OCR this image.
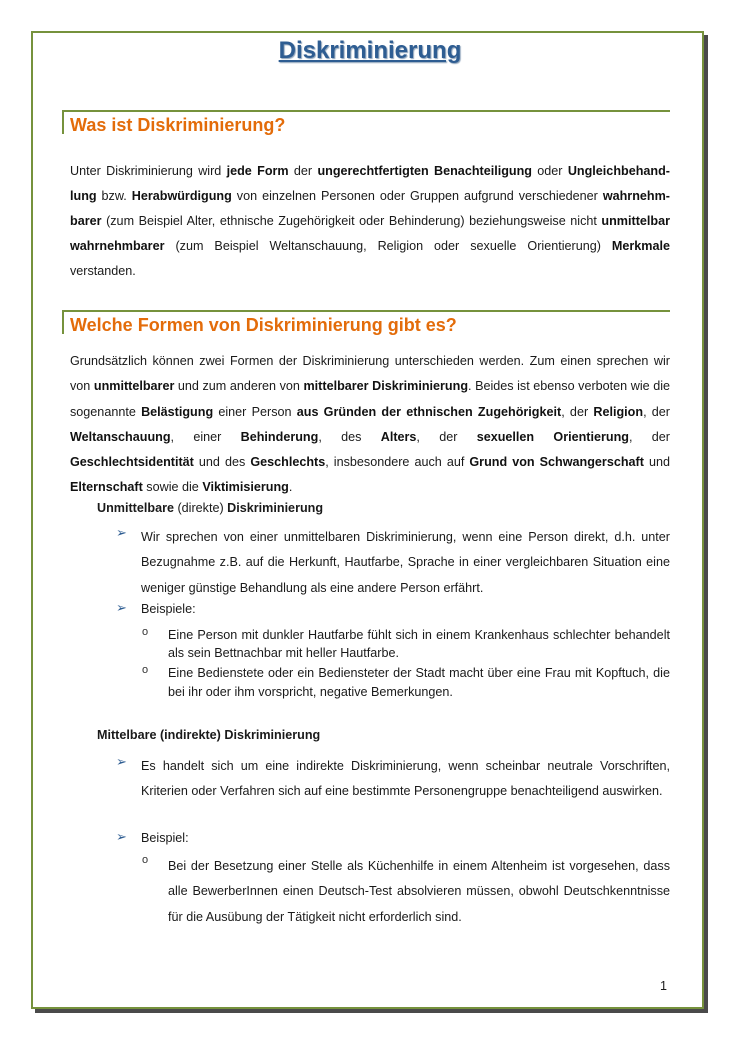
Diskriminierung
Was ist Diskriminierung?

Unter Diskriminierung wird jede Form der ungerechtfertigten Benachteiligung oder Ungleichbehandlung bzw. Herabwürdigung von einzelnen Personen oder Gruppen aufgrund verschiedener wahrnehmbarer (zum Beispiel Alter, ethnische Zugehörigkeit oder Behinderung) beziehungsweise nicht unmittelbar wahrnehmbarer (zum Beispiel Weltanschauung, Religion oder sexuelle Orientierung) Merkmale verstanden.

Welche Formen von Diskriminierung gibt es?

Grundsätzlich können zwei Formen der Diskriminierung unterschieden werden. Zum einen sprechen wir von unmittelbarer und zum anderen von mittelbarer Diskriminierung. Beides ist ebenso verboten wie die sogenannte Belästigung einer Person aus Gründen der ethnischen Zugehörigkeit, der Religion, der Weltanschauung, einer Behinderung, des Alters, der sexuellen Orientierung, der Geschlechtsidentität und des Geschlechts, insbesondere auch auf Grund von Schwangerschaft und Elternschaft sowie die Viktimisierung.

Unmittelbare (direkte) Diskriminierung

➢ Wir sprechen von einer unmittelbaren Diskriminierung, wenn eine Person direkt, d.h. unter Bezugnahme z.B. auf die Herkunft, Hautfarbe, Sprache in einer vergleichbaren Situation eine weniger günstige Behandlung als eine andere Person erfährt.

➢ Beispiele:

o Eine Person mit dunkler Hautfarbe fühlt sich in einem Krankenhaus schlechter behandelt als sein Bettnachbar mit heller Hautfarbe.

o Eine Bedienstete oder ein Bediensteter der Stadt macht über eine Frau mit Kopftuch, die bei ihr oder ihm vorspricht, negative Bemerkungen.

Mittelbare (indirekte) Diskriminierung

➢ Es handelt sich um eine indirekte Diskriminierung, wenn scheinbar neutrale Vorschriften, Kriterien oder Verfahren sich auf eine bestimmte Personengruppe benachteiligend auswirken.

➢ Beispiel:

o Bei der Besetzung einer Stelle als Küchenhilfe in einem Altenheim ist vorgesehen, dass alle BewerberInnen einen Deutsch-Test absolvieren müssen, obwohl Deutschkenntnisse für die Ausübung der Tätigkeit nicht erforderlich sind.

1
